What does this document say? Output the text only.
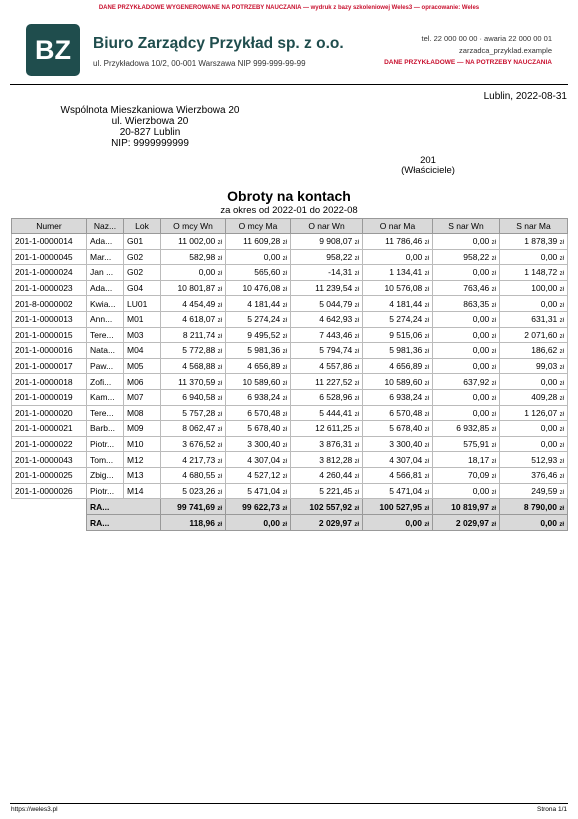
DANE PRZYKŁADOWE WYGENEROWANE NA POTRZEBY NAUCZANIA — wydruk z bazy szkoleniowej Weles3 — opracowanie: Weles
BZ	Biuro Zarządcy Przykład sp. z o.o.
ul. Przykładowa 10/2, 00-001 Warszawa NIP 999-999-99-99
tel. 22 000 00 00 · awaria 22 000 00 01
zarzadca_przyklad.example
DANE PRZYKŁADOWE — NA POTRZEBY NAUCZANIA
Lublin, 2022-08-31
Wspólnota Mieszkaniowa Wierzbowa 20
ul. Wierzbowa 20
20-827 Lublin
NIP: 9999999999
201
(Właściciele)
Obroty na kontach
za okres od 2022-01 do 2022-08
Numer	Naz...	Lok	O mcy Wn	O mcy Ma	O nar Wn	O nar Ma	S nar Wn	S nar Ma
201-1-0000014	Ada...	G01	11 002,00 zł	11 609,28 zł	9 908,07 zł	11 786,46 zł	0,00 zł	1 878,39 zł
201-1-0000045	Mar...	G02	582,98 zł	0,00 zł	958,22 zł	0,00 zł	958,22 zł	0,00 zł
201-1-0000024	Jan ...	G02	0,00 zł	565,60 zł	-14,31 zł	1 134,41 zł	0,00 zł	1 148,72 zł
201-1-0000023	Ada...	G04	10 801,87 zł	10 476,08 zł	11 239,54 zł	10 576,08 zł	763,46 zł	100,00 zł
201-8-0000002	Kwia...	LU01	4 454,49 zł	4 181,44 zł	5 044,79 zł	4 181,44 zł	863,35 zł	0,00 zł
201-1-0000013	Ann...	M01	4 618,07 zł	5 274,24 zł	4 642,93 zł	5 274,24 zł	0,00 zł	631,31 zł
201-1-0000015	Tere...	M03	8 211,74 zł	9 495,52 zł	7 443,46 zł	9 515,06 zł	0,00 zł	2 071,60 zł
201-1-0000016	Nata...	M04	5 772,88 zł	5 981,36 zł	5 794,74 zł	5 981,36 zł	0,00 zł	186,62 zł
201-1-0000017	Paw...	M05	4 568,88 zł	4 656,89 zł	4 557,86 zł	4 656,89 zł	0,00 zł	99,03 zł
201-1-0000018	Zofi...	M06	11 370,59 zł	10 589,60 zł	11 227,52 zł	10 589,60 zł	637,92 zł	0,00 zł
201-1-0000019	Kam...	M07	6 940,58 zł	6 938,24 zł	6 528,96 zł	6 938,24 zł	0,00 zł	409,28 zł
201-1-0000020	Tere...	M08	5 757,28 zł	6 570,48 zł	5 444,41 zł	6 570,48 zł	0,00 zł	1 126,07 zł
201-1-0000021	Barb...	M09	8 062,47 zł	5 678,40 zł	12 611,25 zł	5 678,40 zł	6 932,85 zł	0,00 zł
201-1-0000022	Piotr...	M10	3 676,52 zł	3 300,40 zł	3 876,31 zł	3 300,40 zł	575,91 zł	0,00 zł
201-1-0000043	Tom...	M12	4 217,73 zł	4 307,04 zł	3 812,28 zł	4 307,04 zł	18,17 zł	512,93 zł
201-1-0000025	Zbig...	M13	4 680,55 zł	4 527,12 zł	4 260,44 zł	4 566,81 zł	70,09 zł	376,46 zł
201-1-0000026	Piotr...	M14	5 023,26 zł	5 471,04 zł	5 221,45 zł	5 471,04 zł	0,00 zł	249,59 zł
	RA...		99 741,69 zł	99 622,73 zł	102 557,92 zł	100 527,95 zł	10 819,97 zł	8 790,00 zł
	RA...		118,96 zł	0,00 zł	2 029,97 zł	0,00 zł	2 029,97 zł	0,00 zł
https://weles3.pl	Strona 1/1
